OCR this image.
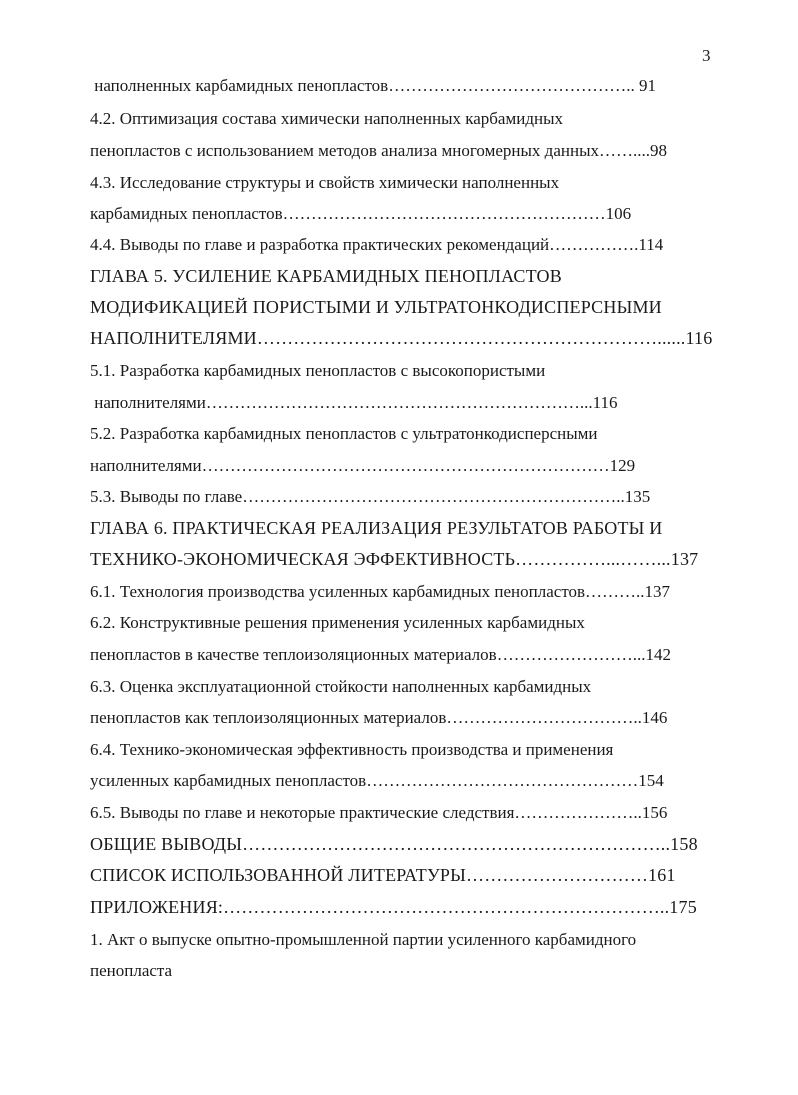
3
наполненных карбамидных пенопластов…………………………………….. 91
4.2. Оптимизация состава химически наполненных карбамидных
пенопластов с использованием методов анализа многомерных данных……....98
4.3. Исследование структуры и свойств химически наполненных
карбамидных пенопластов…………………………………………………106
4.4. Выводы по главе и разработка практических рекомендаций…………….114
ГЛАВА 5. УСИЛЕНИЕ КАРБАМИДНЫХ ПЕНОПЛАСТОВ
МОДИФИКАЦИЕЙ ПОРИСТЫМИ И УЛЬТРАТОНКОДИСПЕРСНЫМИ
НАПОЛНИТЕЛЯМИ…………………………………………………………......116
5.1. Разработка карбамидных пенопластов с высокопористыми
наполнителями…………………………………………………………...116
5.2. Разработка карбамидных пенопластов с ультратонкодисперсными
наполнителями………………………………………………………………129
5.3. Выводы по главе…………………………………………………………..135
ГЛАВА 6. ПРАКТИЧЕСКАЯ РЕАЛИЗАЦИЯ РЕЗУЛЬТАТОВ РАБОТЫ И
ТЕХНИКО-ЭКОНОМИЧЕСКАЯ ЭФФЕКТИВНОСТЬ……………...……...137
6.1. Технология производства усиленных карбамидных пенопластов………..137
6.2. Конструктивные решения применения усиленных карбамидных
пенопластов в качестве теплоизоляционных материалов……………………...142
6.3. Оценка эксплуатационной стойкости наполненных карбамидных
пенопластов как теплоизоляционных материалов……………………………..146
6.4. Технико-экономическая эффективность производства и применения
усиленных карбамидных пенопластов…………………………………………154
6.5. Выводы по главе и некоторые практические следствия…………………..156
ОБЩИЕ ВЫВОДЫ……………………………………………………………..158
СПИСОК ИСПОЛЬЗОВАННОЙ ЛИТЕРАТУРЫ…………………………161
ПРИЛОЖЕНИЯ:………………………………………………………………..175
1. Акт о выпуске опытно-промышленной партии усиленного карбамидного
пенопласта
